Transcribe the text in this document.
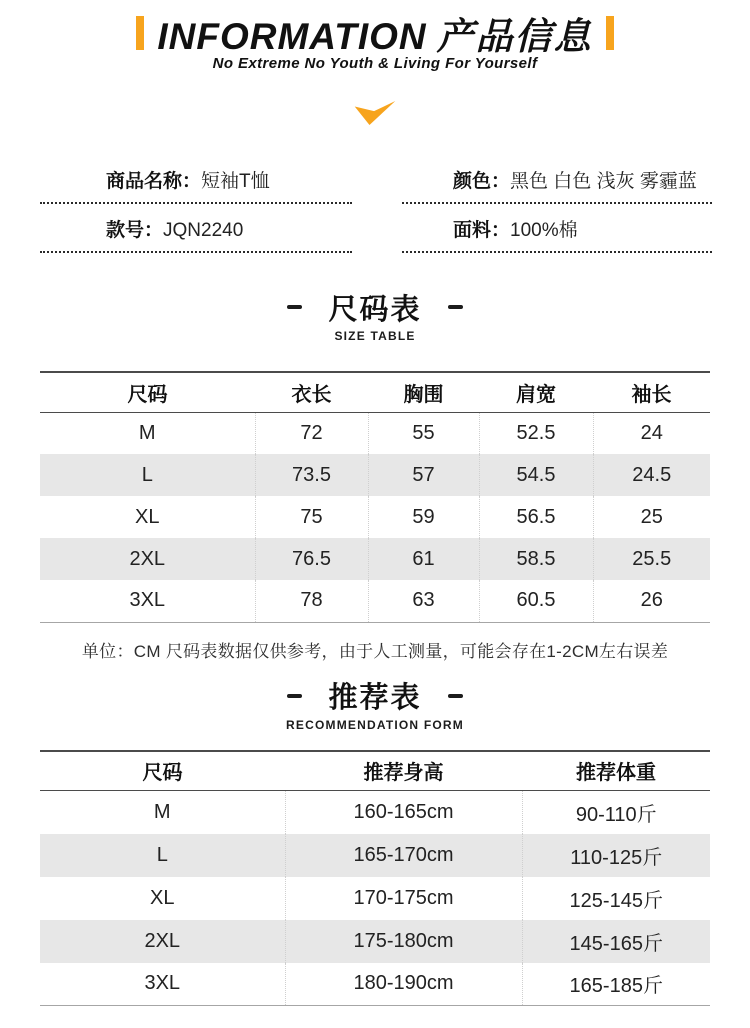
INFORMATION 产品信息
No Extreme No Youth & Living For Yourself
商品名称：短袖T恤	颜色：黑色 白色 浅灰 雾霾蓝
款号：JQN2240	面料：100%棉
尺码表
SIZE TABLE
尺码	衣长	胸围	肩宽	袖长
M	72	55	52.5	24
L	73.5	57	54.5	24.5
XL	75	59	56.5	25
2XL	76.5	61	58.5	25.5
3XL	78	63	60.5	26
单位：CM 尺码表数据仅供参考，由于人工测量，可能会存在1-2CM左右误差
推荐表
RECOMMENDATION FORM
尺码	推荐身高	推荐体重
M	160-165cm	90-110斤
L	165-170cm	110-125斤
XL	170-175cm	125-145斤
2XL	175-180cm	145-165斤
3XL	180-190cm	165-185斤
